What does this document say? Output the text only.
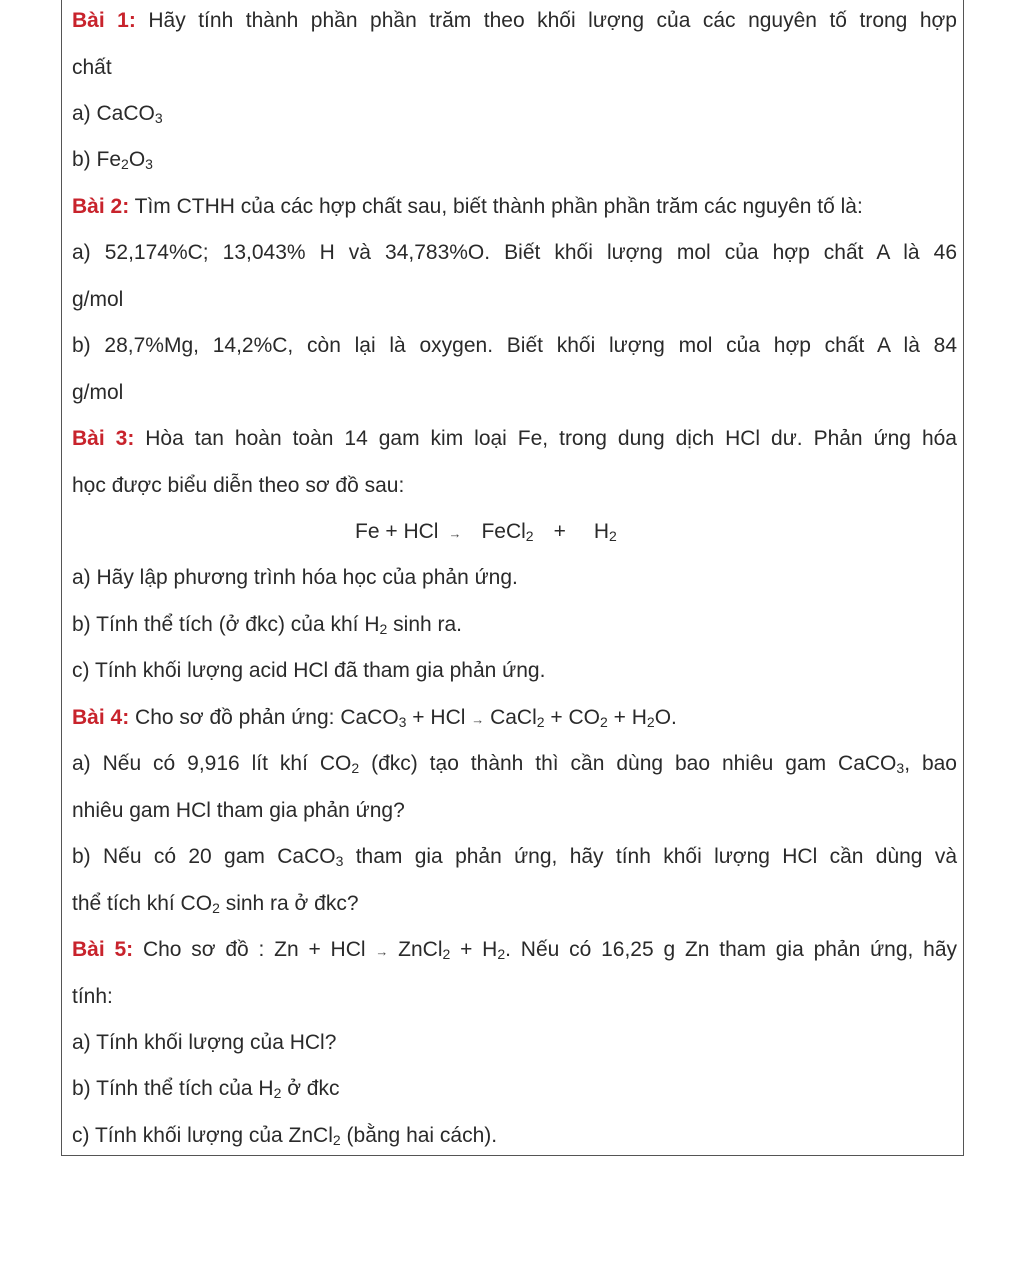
Bài 1: Hãy tính thành phần phần trăm theo khối lượng của các nguyên tố trong hợp
chất
a) CaCO$_3$
b) $Fe_2O_3$
Bài 2: Tìm CTHH của các hợp chất sau, biết thành phần phần trăm các nguyên tố là:
a) 52,174%C; 13,043% H và 34,783%O. Biết khối lượng mol của hợp chất A là 46
g/mol
b) 28,7%Mg, 14,2%C, còn lại là oxygen. Biết khối lượng mol của hợp chất A là 84
g/mol
Bài 3: Hòa tan hoàn toàn 14 gam kim loại Fe, trong dung dịch HCl dư. Phản ứng hóa
học được biểu diễn theo sơ đồ sau:
Fe + HCl → FeCl$_2$ + $H_2$
a) Hãy lập phương trình hóa học của phản ứng.
b) Tính thể tích (ở đkc) của khí $H_2$ sinh ra.
c) Tính khối lượng acid HCl đã tham gia phản ứng.
Bài 4: Cho sơ đồ phản ứng: CaCO$_3$ + HCl → CaCl$_2$ + $CO_2 + H_2O$.
a) Nếu có 9,916 lít khí $CO_2$ (đkc) tạo thành thì cần dùng bao nhiêu gam CaCO$_3$, bao
nhiêu gam HCl tham gia phản ứng?
b) Nếu có 20 gam CaCO$_3$ tham gia phản ứng, hãy tính khối lượng HCl cần dùng và
thể tích khí $CO_2$ sinh ra ở đkc?
Bài 5: Cho sơ đồ : Zn + HCl → ZnCl$_2$ + $H_2$. Nếu có 16,25 g Zn tham gia phản ứng, hãy
tính:
a) Tính khối lượng của HCl?
b) Tính thể tích của $H_2$ ở đkc
c) Tính khối lượng của ZnCl$_2$ (bằng hai cách).
